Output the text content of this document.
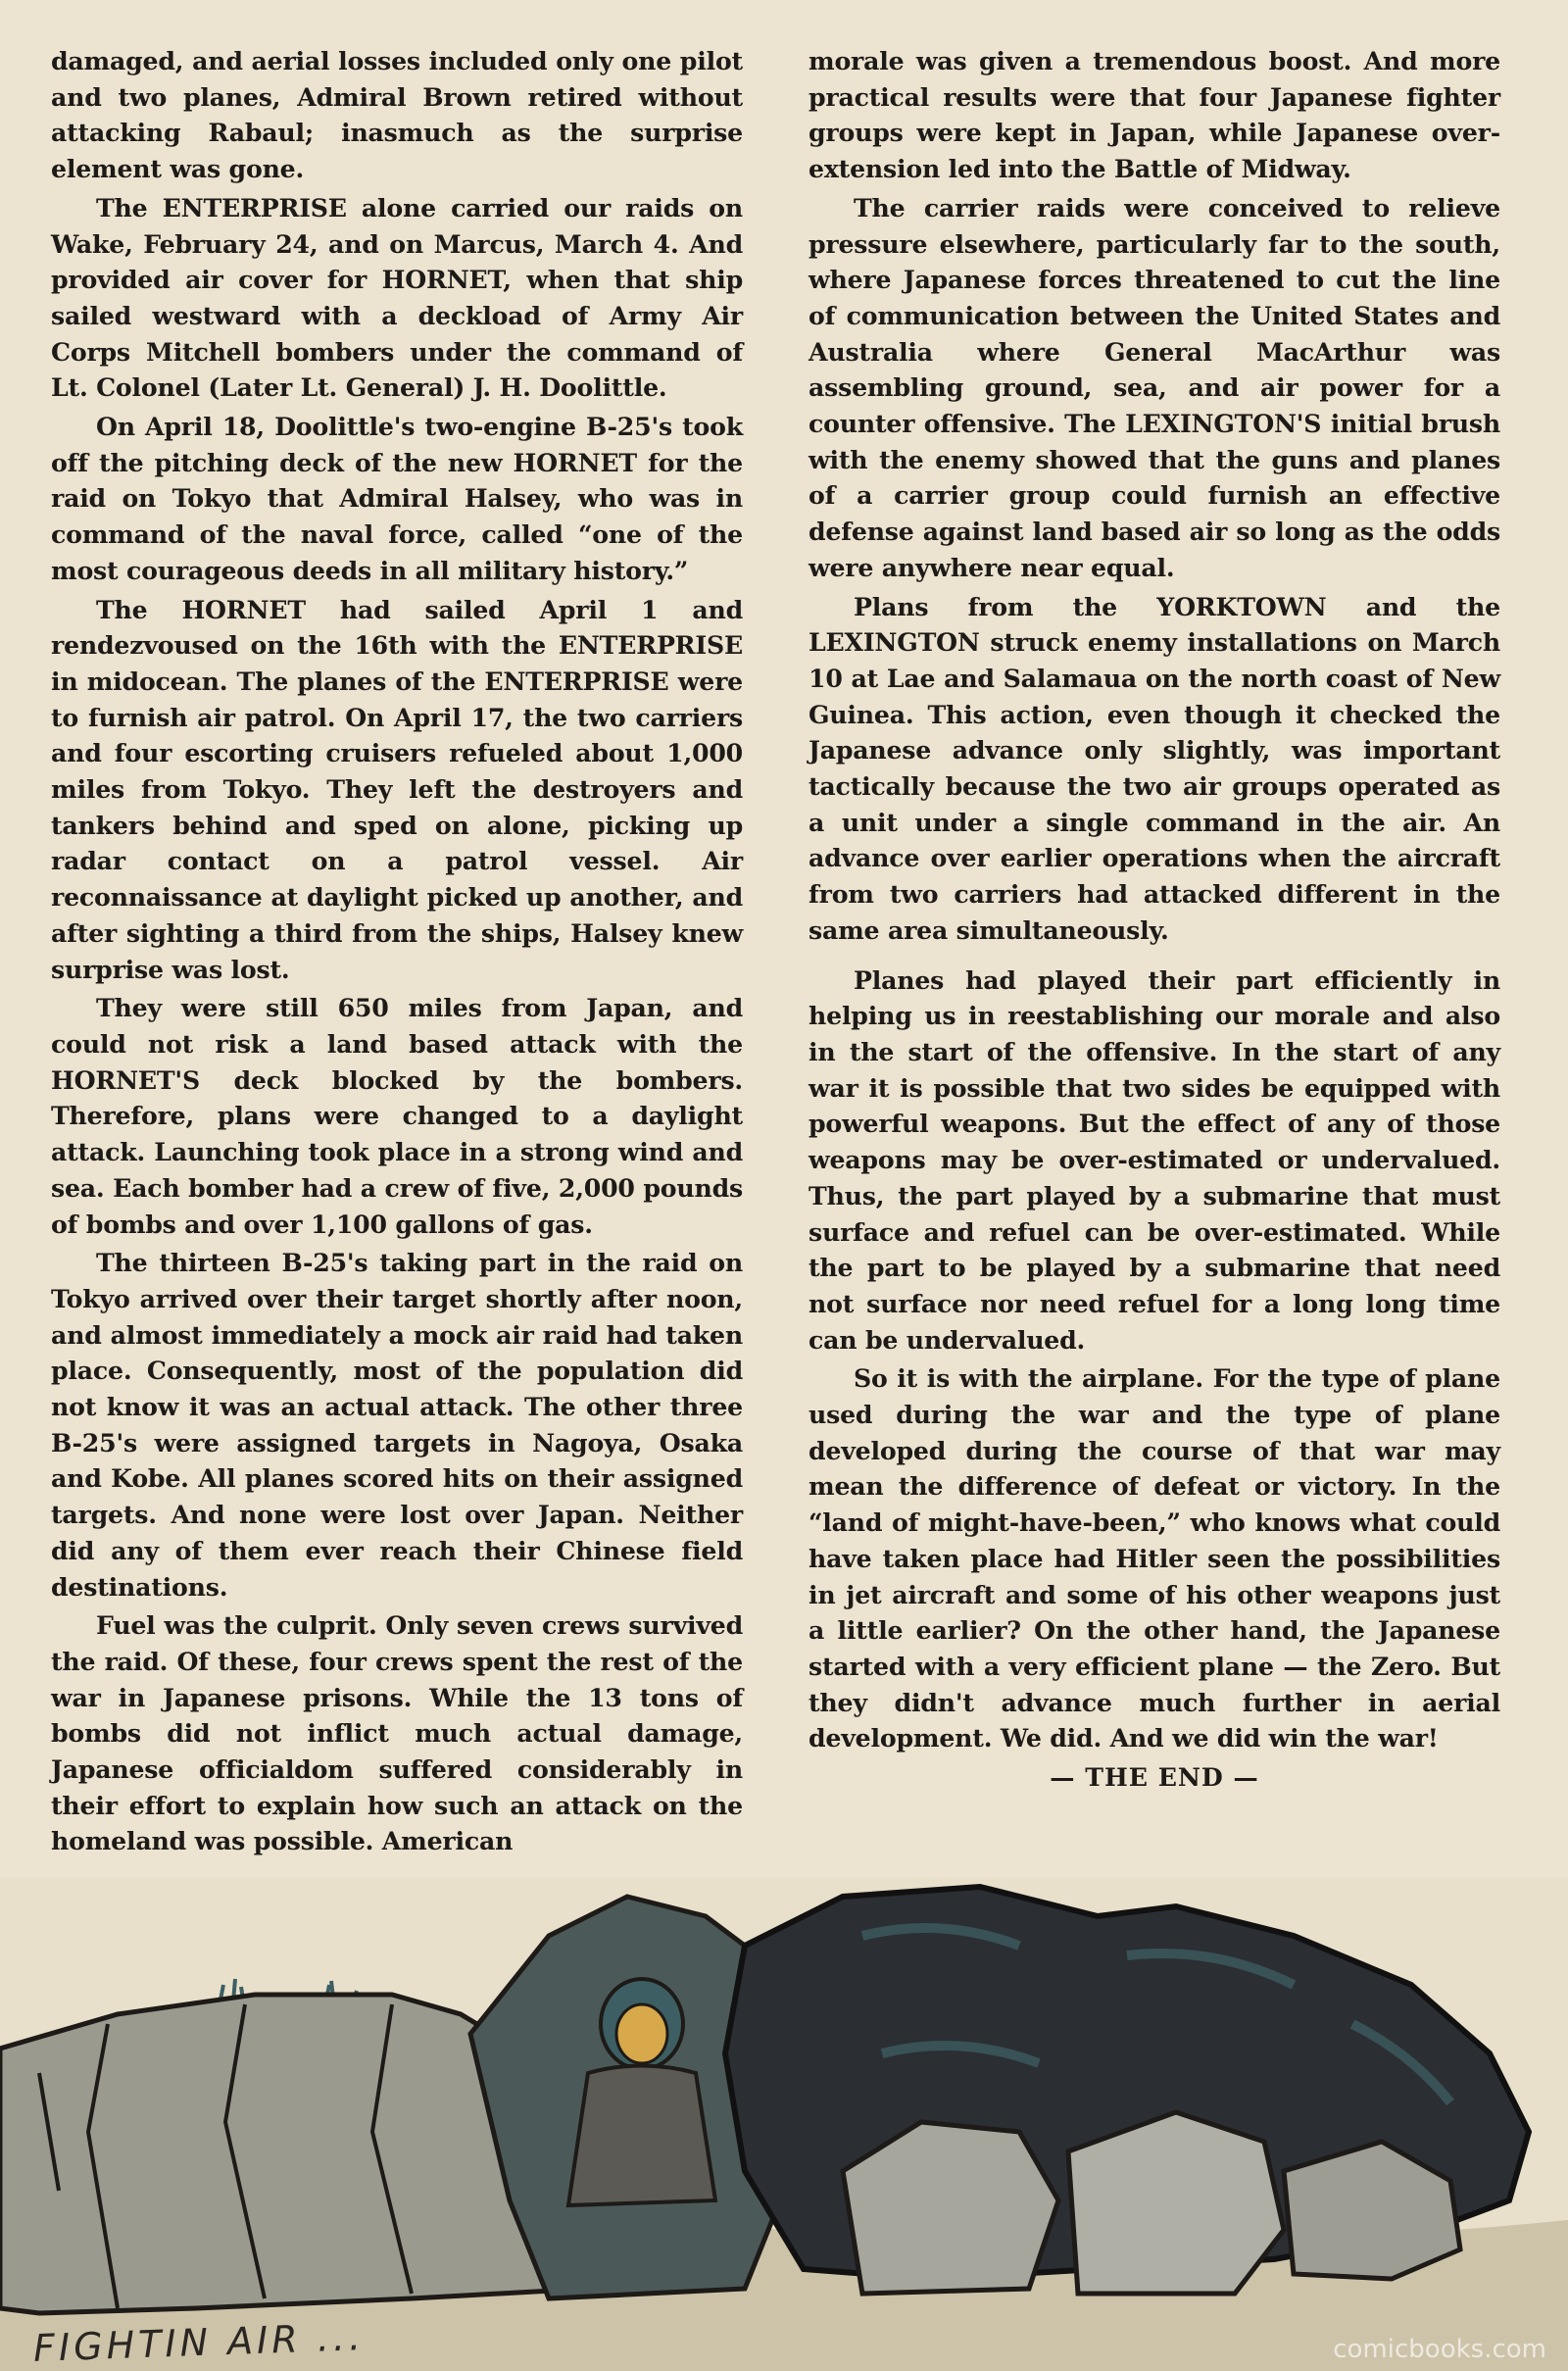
damaged, and aerial losses included only one pilot and two planes, Admiral Brown retired without attacking Rabaul; inasmuch as the surprise element was gone.

The ENTERPRISE alone carried our raids on Wake, February 24, and on Marcus, March 4. And provided air cover for HORNET, when that ship sailed westward with a deckload of Army Air Corps Mitchell bombers under the command of Lt. Colonel (Later Lt. General) J. H. Doolittle.

On April 18, Doolittle's two-engine B-25's took off the pitching deck of the new HORNET for the raid on Tokyo that Admiral Halsey, who was in command of the naval force, called “one of the most courageous deeds in all military history.”

The HORNET had sailed April 1 and rendezvoused on the 16th with the ENTERPRISE in midocean. The planes of the ENTERPRISE were to furnish air patrol. On April 17, the two carriers and four escorting cruisers refueled about 1,000 miles from Tokyo. They left the destroyers and tankers behind and sped on alone, picking up radar contact on a patrol vessel. Air reconnaissance at daylight picked up another, and after sighting a third from the ships, Halsey knew surprise was lost.

They were still 650 miles from Japan, and could not risk a land based attack with the HORNET'S deck blocked by the bombers. Therefore, plans were changed to a daylight attack. Launching took place in a strong wind and sea. Each bomber had a crew of five, 2,000 pounds of bombs and over 1,100 gallons of gas.

The thirteen B-25's taking part in the raid on Tokyo arrived over their target shortly after noon, and almost immediately a mock air raid had taken place. Consequently, most of the population did not know it was an actual attack. The other three B-25's were assigned targets in Nagoya, Osaka and Kobe. All planes scored hits on their assigned targets. And none were lost over Japan. Neither did any of them ever reach their Chinese field destinations.

Fuel was the culprit. Only seven crews survived the raid. Of these, four crews spent the rest of the war in Japanese prisons. While the 13 tons of bombs did not inflict much actual damage, Japanese officialdom suffered considerably in their effort to explain how such an attack on the homeland was possible. American

morale was given a tremendous boost. And more practical results were that four Japanese fighter groups were kept in Japan, while Japanese over-extension led into the Battle of Midway.

The carrier raids were conceived to relieve pressure elsewhere, particularly far to the south, where Japanese forces threatened to cut the line of communication between the United States and Australia where General MacArthur was assembling ground, sea, and air power for a counter offensive. The LEXINGTON'S initial brush with the enemy showed that the guns and planes of a carrier group could furnish an effective defense against land based air so long as the odds were anywhere near equal.

Plans from the YORKTOWN and the LEXINGTON struck enemy installations on March 10 at Lae and Salamaua on the north coast of New Guinea. This action, even though it checked the Japanese advance only slightly, was important tactically because the two air groups operated as a unit under a single command in the air. An advance over earlier operations when the aircraft from two carriers had attacked different in the same area simultaneously.

Planes had played their part efficiently in helping us in reestablishing our morale and also in the start of the offensive. In the start of any war it is possible that two sides be equipped with powerful weapons. But the effect of any of those weapons may be over-estimated or undervalued. Thus, the part played by a submarine that must surface and refuel can be over-estimated. While the part to be played by a submarine that need not surface nor need refuel for a long long time can be undervalued.

So it is with the airplane. For the type of plane used during the war and the type of plane developed during the course of that war may mean the difference of defeat or victory. In the “land of might-have-been,” who knows what could have taken place had Hitler seen the possibilities in jet aircraft and some of his other weapons just a little earlier? On the other hand, the Japanese started with a very efficient plane — the Zero. But they didn't advance much further in aerial development. We did. And we did win the war!

— THE END —

FIGHTIN AIR ...	comicbooks.com
